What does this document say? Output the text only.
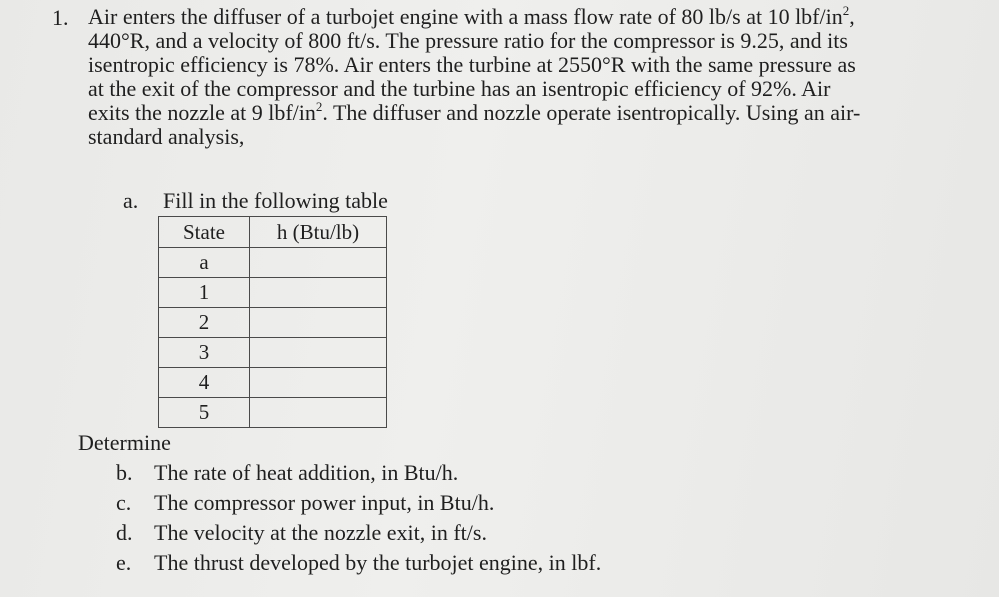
1. Air enters the diffuser of a turbojet engine with a mass flow rate of 80 lb/s at 10 lbf/$in^2$,
440°R, and a velocity of 800 ft/s. The pressure ratio for the compressor is 9.25, and its
isentropic efficiency is 78%. Air enters the turbine at 2550°R with the same pressure as
at the exit of the compressor and the turbine has an isentropic efficiency of 92%. Air
exits the nozzle at 9 lbf/$in^2$. The diffuser and nozzle operate isentropically. Using an air-
standard analysis,
a. Fill in the following table
State	h (Btu/lb)
a	
1	
2	
3	
4	
5	
Determine
b. The rate of heat addition, in Btu/h.
c. The compressor power input, in Btu/h.
d. The velocity at the nozzle exit, in ft/s.
e. The thrust developed by the turbojet engine, in lbf.
